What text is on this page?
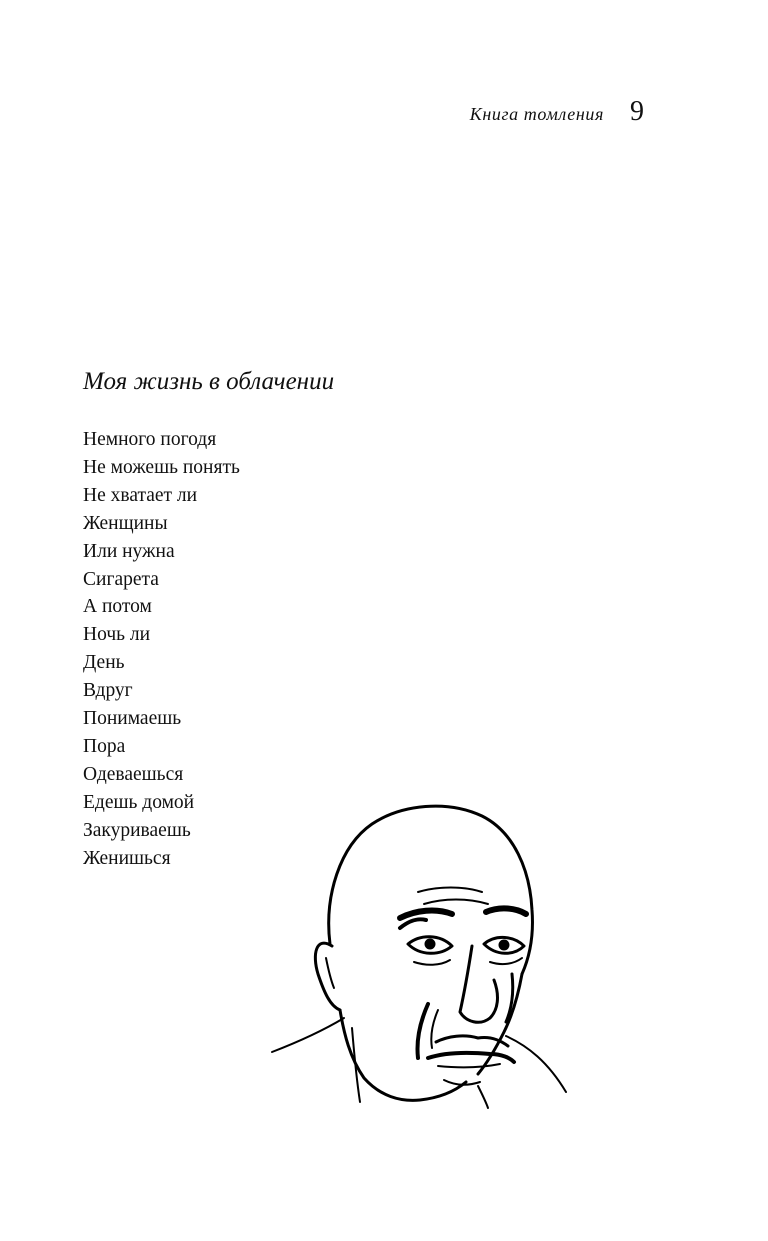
Книга томления 9
Моя жизнь в облачении
Немного погодя
Не можешь понять
Не хватает ли
Женщины
Или нужна
Сигарета
А потом
Ночь ли
День
Вдруг
Понимаешь
Пора
Одеваешься
Едешь домой
Закуриваешь
Женишься
